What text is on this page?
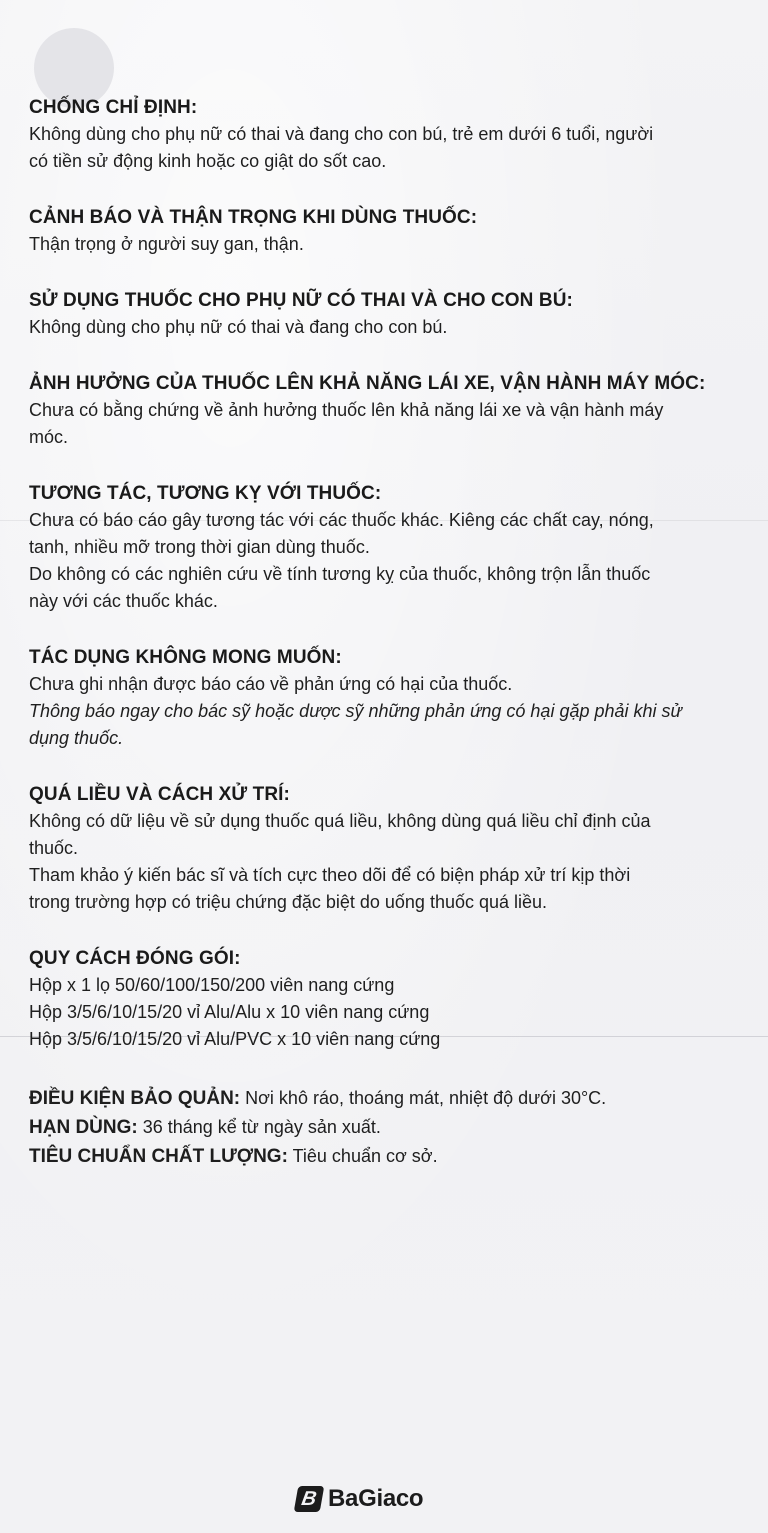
CHỐNG CHỈ ĐỊNH:

Không dùng cho phụ nữ có thai và đang cho con bú, trẻ em dưới 6 tuổi, người

có tiền sử động kinh hoặc co giật do sốt cao.

CẢNH BÁO VÀ THẬN TRỌNG KHI DÙNG THUỐC:

Thận trọng ở người suy gan, thận.

SỬ DỤNG THUỐC CHO PHỤ NỮ CÓ THAI VÀ CHO CON BÚ:

Không dùng cho phụ nữ có thai và đang cho con bú.

ẢNH HƯỞNG CỦA THUỐC LÊN KHẢ NĂNG LÁI XE, VẬN HÀNH MÁY MÓC:

Chưa có bằng chứng về ảnh hưởng thuốc lên khả năng lái xe và vận hành máy

móc.

TƯƠNG TÁC, TƯƠNG KỴ VỚI THUỐC:

Chưa có báo cáo gây tương tác với các thuốc khác. Kiêng các chất cay, nóng,

tanh, nhiều mỡ trong thời gian dùng thuốc.

Do không có các nghiên cứu về tính tương kỵ của thuốc, không trộn lẫn thuốc

này với các thuốc khác.

TÁC DỤNG KHÔNG MONG MUỐN:

Chưa ghi nhận được báo cáo về phản ứng có hại của thuốc.

Thông báo ngay cho bác sỹ hoặc dược sỹ những phản ứng có hại gặp phải khi sử

dụng thuốc.

QUÁ LIỀU VÀ CÁCH XỬ TRÍ:

Không có dữ liệu về sử dụng thuốc quá liều, không dùng quá liều chỉ định của

thuốc.

Tham khảo ý kiến bác sĩ và tích cực theo dõi để có biện pháp xử trí kịp thời

trong trường hợp có triệu chứng đặc biệt do uống thuốc quá liều.

QUY CÁCH ĐÓNG GÓI:

Hộp x 1 lọ 50/60/100/150/200 viên nang cứng

Hộp 3/5/6/10/15/20 vỉ Alu/Alu x 10 viên nang cứng

Hộp 3/5/6/10/15/20 vỉ Alu/PVC x 10 viên nang cứng

ĐIỀU KIỆN BẢO QUẢN: Nơi khô ráo, thoáng mát, nhiệt độ dưới 30°C.

HẠN DÙNG: 36 tháng kể từ ngày sản xuất.

TIÊU CHUẨN CHẤT LƯỢNG: Tiêu chuẩn cơ sở.

B BaGiaco
